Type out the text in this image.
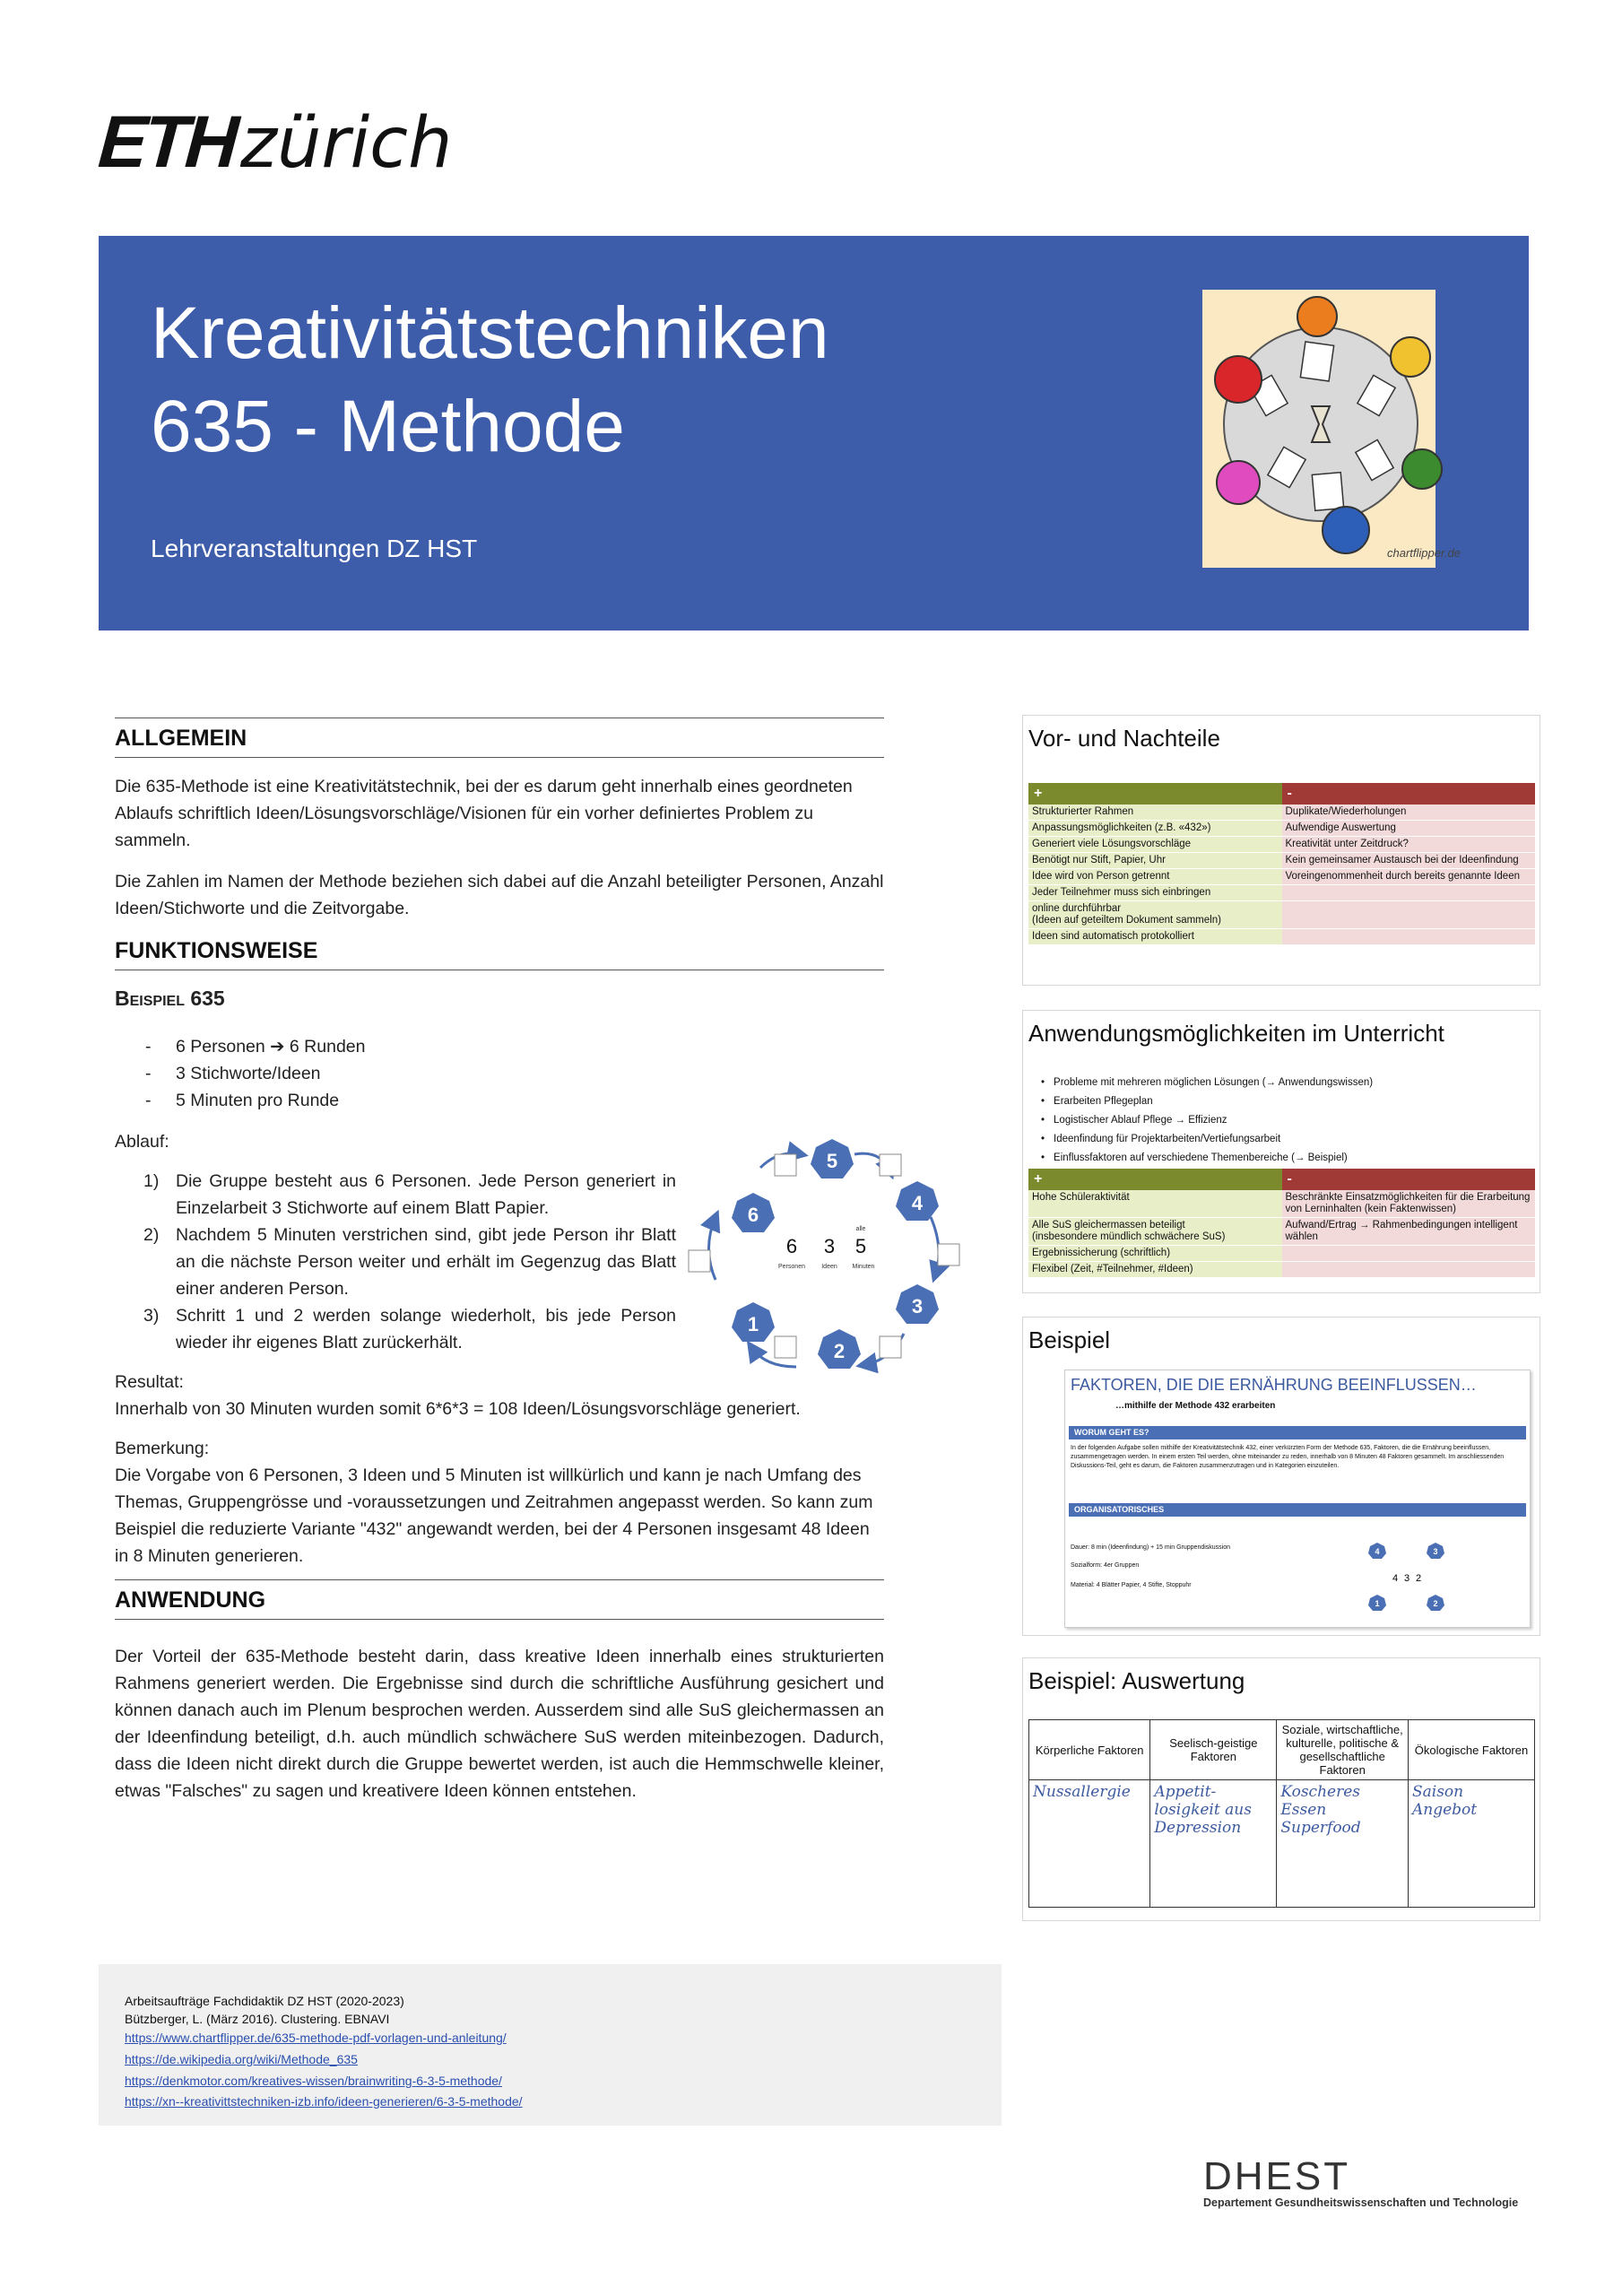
ETH zürich
Kreativitätstechniken
635 - Methode
Lehrveranstaltungen DZ HST	chartflipper.de
ALLGEMEIN
Die 635-Methode ist eine Kreativitätstechnik, bei der es darum geht innerhalb eines geordneten Ablaufs schriftlich Ideen/Lösungsvorschläge/Visionen für ein vorher definiertes Problem zu sammeln.
Die Zahlen im Namen der Methode beziehen sich dabei auf die Anzahl beteiligter Personen, Anzahl Ideen/Stichworte und die Zeitvorgabe.
FUNKTIONSWEISE
Beispiel 635
- 6 Personen ➔ 6 Runden
- 3 Stichworte/Ideen
- 5 Minuten pro Runde
Ablauf:
1) Die Gruppe besteht aus 6 Personen. Jede Person generiert in Einzelarbeit 3 Stichworte auf einem Blatt Papier.
2) Nachdem 5 Minuten verstrichen sind, gibt jede Person ihr Blatt an die nächste Person weiter und erhält im Gegenzug das Blatt einer anderen Person.
3) Schritt 1 und 2 werden solange wiederholt, bis jede Person wieder ihr eigenes Blatt zurückerhält.
5
4
3
2
1
6
6 3 5
alle
Personen	Ideen Minuten
Resultat:
Innerhalb von 30 Minuten wurden somit 6*6*3 = 108 Ideen/Lösungsvorschläge generiert.
Bemerkung:
Die Vorgabe von 6 Personen, 3 Ideen und 5 Minuten ist willkürlich und kann je nach Umfang des Themas, Gruppengrösse und -voraussetzungen und Zeitrahmen angepasst werden. So kann zum Beispiel die reduzierte Variante "432" angewandt werden, bei der 4 Personen insgesamt 48 Ideen in 8 Minuten generieren.
ANWENDUNG
Der Vorteil der 635-Methode besteht darin, dass kreative Ideen innerhalb eines strukturierten Rahmens generiert werden. Die Ergebnisse sind durch die schriftliche Ausführung gesichert und können danach auch im Plenum besprochen werden. Ausserdem sind alle SuS gleichermassen an der Ideenfindung beteiligt, d.h. auch mündlich schwächere SuS werden miteinbezogen. Dadurch, dass die Ideen nicht direkt durch die Gruppe bewertet werden, ist auch die Hemmschwelle kleiner, etwas "Falsches" zu sagen und kreativere Ideen können entstehen.
Vor- und Nachteile
+	-
Strukturierter Rahmen	Duplikate/Wiederholungen
Anpassungsmöglichkeiten (z.B. «432»)	Aufwendige Auswertung
Generiert viele Lösungsvorschläge	Kreativität unter Zeitdruck?
Benötigt nur Stift, Papier, Uhr	Kein gemeinsamer Austausch bei der Ideenfindung
Idee wird von Person getrennt	Voreingenommenheit durch bereits genannte Ideen
Jeder Teilnehmer muss sich einbringen	
online durchführbar
(Ideen auf geteiltem Dokument sammeln)	
Ideen sind automatisch protokolliert	
Anwendungsmöglichkeiten im Unterricht
• Probleme mit mehreren möglichen Lösungen (→ Anwendungswissen)
• Erarbeiten Pflegeplan
• Logistischer Ablauf Pflege → Effizienz
• Ideenfindung für Projektarbeiten/Vertiefungsarbeit
• Einflussfaktoren auf verschiedene Themenbereiche (→ Beispiel)
+	-
Hohe Schüleraktivität	Beschränkte Einsatzmöglichkeiten für die Erarbeitung von Lerninhalten (kein Faktenwissen)
Alle SuS gleichermassen beteiligt
(insbesondere mündlich schwächere SuS)	Aufwand/Ertrag → Rahmenbedingungen intelligent wählen
Ergebnissicherung (schriftlich)	
Flexibel (Zeit, #Teilnehmer, #Ideen)	
Beispiel
FAKTOREN, DIE DIE ERNÄHRUNG BEEINFLUSSEN…
…mithilfe der Methode 432 erarbeiten
WORUM GEHT ES?
In der folgenden Aufgabe sollen mithilfe der Kreativitätstechnik 432, einer verkürzten Form der Methode 635, Faktoren, die die Ernährung beeinflussen, zusammengetragen werden. In einem ersten Teil werden, ohne miteinander zu reden, innerhalb von 8 Minuten 48 Faktoren gesammelt. Im anschliessenden Diskussions-Teil, geht es darum, die Faktoren zusammenzutragen und in Kategorien einzuteilen.
ORGANISATORISCHES
Dauer: 8 min (Ideenfindung) + 15 min Gruppendiskussion
Sozialform: 4er Gruppen
Material: 4 Blätter Papier, 4 Stifte, Stoppuhr
4	3
2
1
4 3 2
Beispiel: Auswertung
Körperliche Faktoren	Seelisch-geistige Faktoren	Soziale, wirtschaftliche, kulturelle, politische & gesellschaftliche Faktoren	Ökologische Faktoren
Nussallergie	Appetit-losigkeit aus Depression	Koscheres Essen Superfood	Saison Angebot
Arbeitsaufträge Fachdidaktik DZ HST (2020-2023)
Bützberger, L. (März 2016). Clustering. EBNAVI
https://www.chartflipper.de/635-methode-pdf-vorlagen-und-anleitung/
https://de.wikipedia.org/wiki/Methode_635
https://denkmotor.com/kreatives-wissen/brainwriting-6-3-5-methode/
https://xn--kreativittstechniken-izb.info/ideen-generieren/6-3-5-methode/
DHEST
Departement Gesundheitswissenschaften und Technologie
